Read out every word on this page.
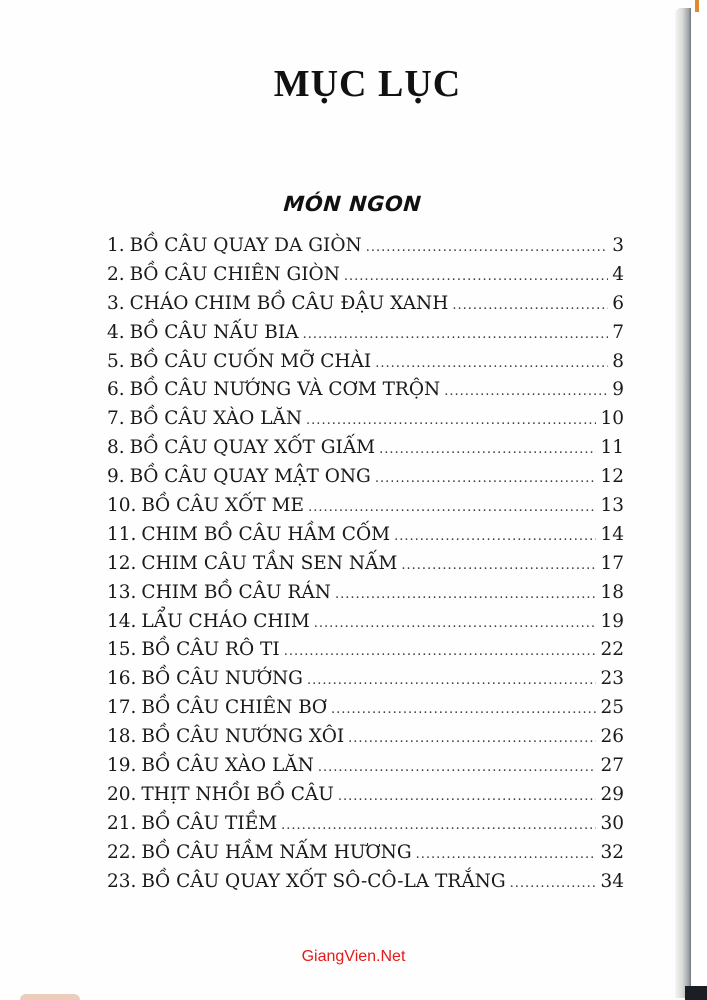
MỤC LỤC
MÓN NGON
1. BỒ CÂU QUAY DA GIÒN .....	3
2. BỒ CÂU CHIÊN GIÒN .....	4
3. CHÁO CHIM BỒ CÂU ĐẬU XANH .....	6
4. BỒ CÂU NẤU BIA .....	7
5. BỒ CÂU CUỐN MỠ CHÀI .....	8
6. BỒ CÂU NƯỚNG VÀ CƠM TRỘN .....	9
7. BỒ CÂU XÀO LĂN .....	10
8. BỒ CÂU QUAY XỐT GIẤM .....	11
9. BỒ CÂU QUAY MẬT ONG .....	12
10. BỒ CÂU XỐT ME .....	13
11. CHIM BỒ CÂU HẦM CỐM .....	14
12. CHIM CÂU TẦN SEN NẤM .....	17
13. CHIM BỒ CÂU RÁN .....	18
14. LẨU CHÁO CHIM .....	19
15. BỒ CÂU RÔ TI .....	22
16. BỒ CÂU NƯỚNG .....	23
17. BỒ CÂU CHIÊN BƠ .....	25
18. BỒ CÂU NƯỚNG XÔI .....	26
19. BỒ CÂU XÀO LĂN .....	27
20. THỊT NHỒI BỒ CÂU .....	29
21. BỒ CÂU TIỀM .....	30
22. BỒ CÂU HẦM NẤM HƯƠNG .....	32
23. BỒ CÂU QUAY XỐT SÔ-CÔ-LA TRẮNG .....	34
GiangVien.Net
